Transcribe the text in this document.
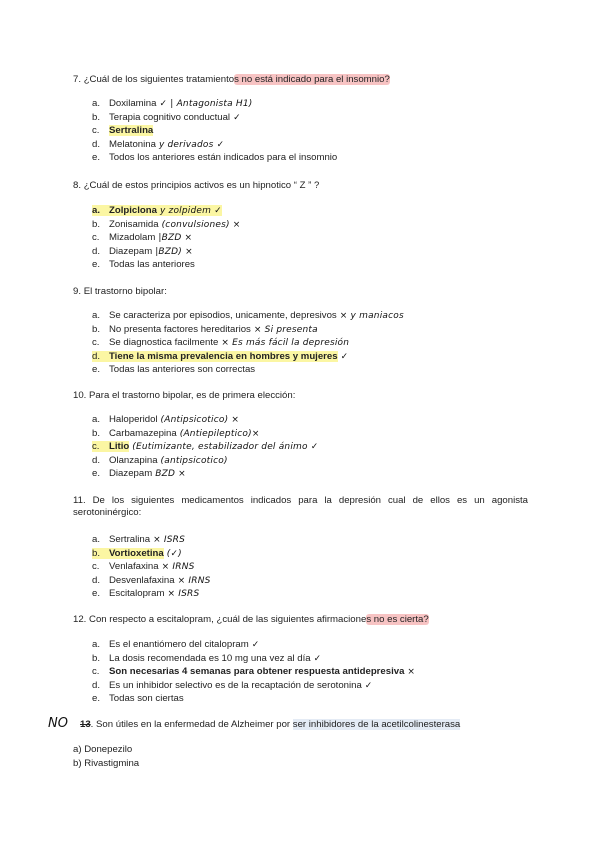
7. ¿Cuál de los siguientes tratamientos no está indicado para el insomnio?
a. Doxilamina ✓ | Antagonista H1)
b. Terapia cognitivo conductual ✓
c. Sertralina
d. Melatonina y derivados ✓
e. Todos los anteriores están indicados para el insomnio
8. ¿Cuál de estos principios activos es un hipnotico “ Z ” ?
a. Zolpiclona y zolpidem ✓
b. Zonisamida (convulsiones) ×
c. Mizadolam |BZD ×
d. Diazepam |BZD) ×
e. Todas las anteriores
9. El trastorno bipolar:
a. Se caracteriza por episodios, unicamente, depresivos × y maniacos
b. No presenta factores hereditarios × Si presenta
c. Se diagnostica facilmente × Es más fácil la depresión
d. Tiene la misma prevalencia en hombres y mujeres ✓
e. Todas las anteriores son correctas
10. Para el trastorno bipolar, es de primera elección:
a. Haloperidol (Antipsicotico) ×
b. Carbamazepina (Antiepileptico)×
c. Litio (Eutimizante, estabilizador del ánimo ✓
d. Olanzapina (antipsicotico)
e. Diazepam BZD ×
11. De los siguientes medicamentos indicados para la depresión cual de ellos es un agonista serotoninérgico:
a. Sertralina × ISRS
b. Vortioxetina (✓)
c. Venlafaxina × IRNS
d. Desvenlafaxina × IRNS
e. Escitalopram × ISRS
12. Con respecto a escitalopram, ¿cuál de las siguientes afirmaciones no es cierta?
a. Es el enantiómero del citalopram ✓
b. La dosis recomendada es 10 mg una vez al día ✓
c. Son necesarias 4 semanas para obtener respuesta antidepresiva ×
d. Es un inhibidor selectivo es de la recaptación de serotonina ✓
e. Todas son ciertas
NO 13. Son útiles en la enfermedad de Alzheimer por ser inhibidores de la acetilcolinesterasa
a) Donepezilo
b) Rivastigmina
